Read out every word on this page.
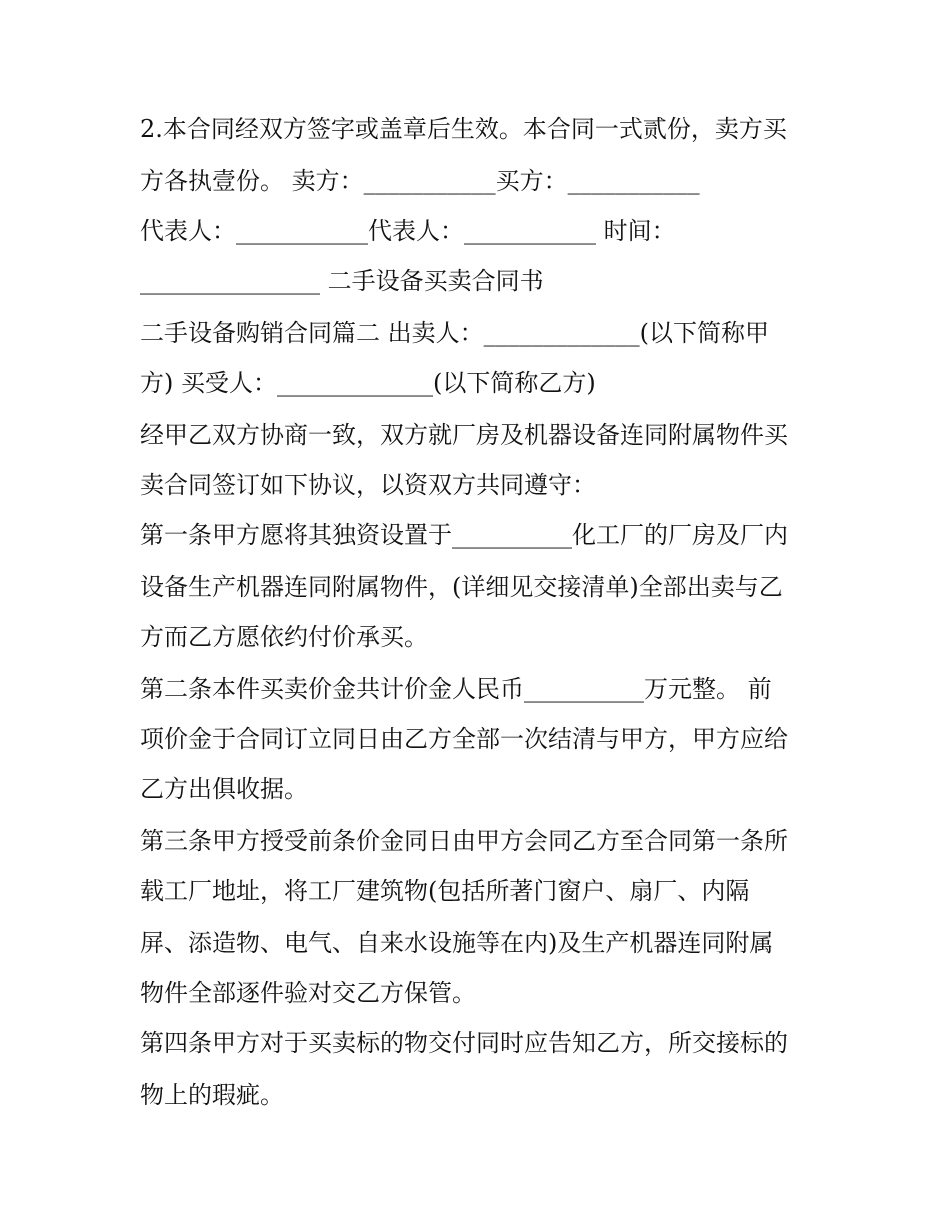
2.本合同经双方签字或盖章后生效。本合同一式贰份，卖方买

方各执壹份。 卖方：___________买方：___________

代表人：___________代表人：___________ 时间：

_______________ 二手设备买卖合同书

二手设备购销合同篇二 出卖人：_____________(以下简称甲

方) 买受人：_____________(以下简称乙方)

经甲乙双方协商一致，双方就厂房及机器设备连同附属物件买

卖合同签订如下协议，以资双方共同遵守：

第一条甲方愿将其独资设置于__________化工厂的厂房及厂内

设备生产机器连同附属物件，(详细见交接清单)全部出卖与乙

方而乙方愿依约付价承买。

第二条本件买卖价金共计价金人民币__________万元整。 前

项价金于合同订立同日由乙方全部一次结清与甲方，甲方应给

乙方出俱收据。

第三条甲方授受前条价金同日由甲方会同乙方至合同第一条所

载工厂地址，将工厂建筑物(包括所著门窗户、扇厂、内隔

屏、添造物、电气、自来水设施等在内)及生产机器连同附属

物件全部逐件验对交乙方保管。

第四条甲方对于买卖标的物交付同时应告知乙方，所交接标的

物上的瑕疵。
